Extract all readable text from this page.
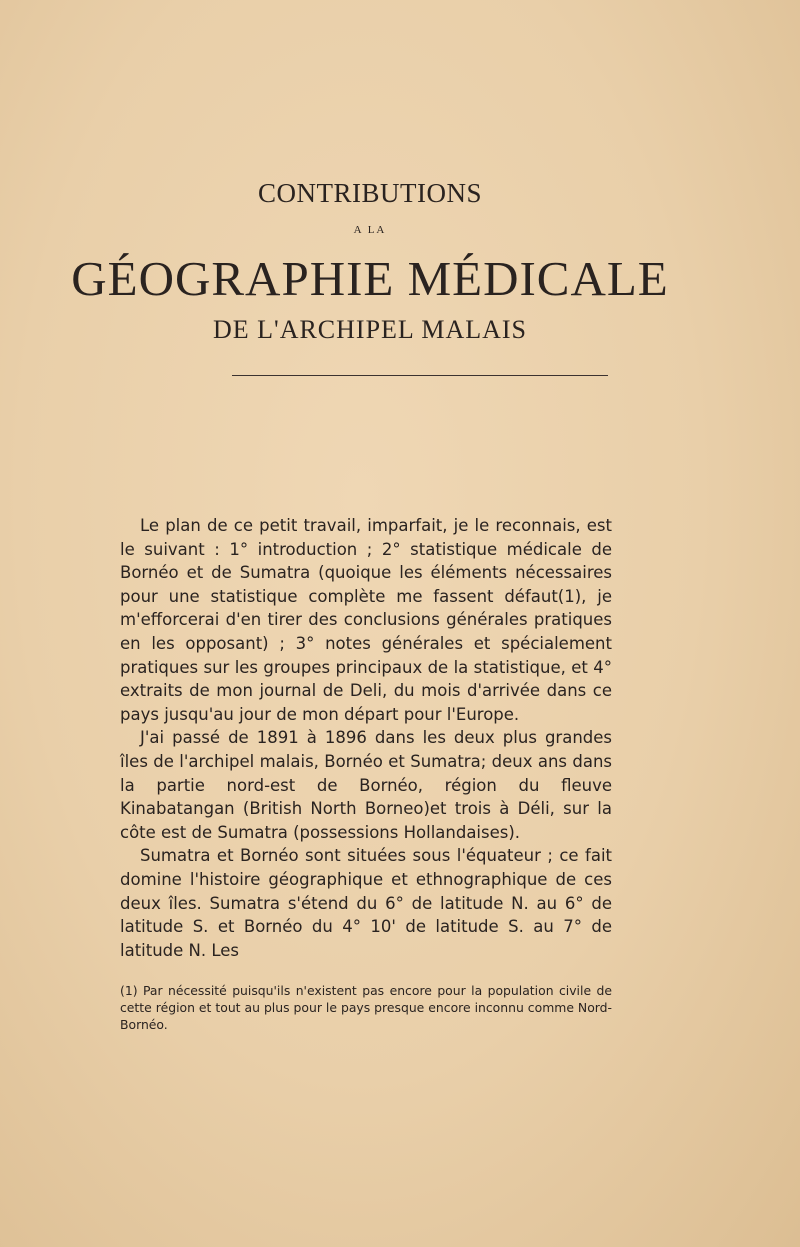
CONTRIBUTIONS
A LA
GÉOGRAPHIE MÉDICALE
DE L'ARCHIPEL MALAIS

Le plan de ce petit travail, imparfait, je le reconnais, est le suivant : 1° introduction ; 2° statistique médicale de Bornéo et de Sumatra (quoique les éléments nécessaires pour une statistique complète me fassent défaut(1), je m'efforcerai d'en tirer des conclusions générales pratiques en les opposant) ; 3° notes générales et spécialement pratiques sur les groupes principaux de la statistique, et 4° extraits de mon journal de Deli, du mois d'arrivée dans ce pays jusqu'au jour de mon départ pour l'Europe.

J'ai passé de 1891 à 1896 dans les deux plus grandes îles de l'archipel malais, Bornéo et Sumatra; deux ans dans la partie nord-est de Bornéo, région du fleuve Kinabatangan (British North Borneo)et trois à Déli, sur la côte est de Sumatra (possessions Hollandaises).

Sumatra et Bornéo sont situées sous l'équateur ; ce fait domine l'histoire géographique et ethnographique de ces deux îles. Sumatra s'étend du 6° de latitude N. au 6° de latitude S. et Bornéo du 4° 10' de latitude S. au 7° de latitude N. Les

(1) Par nécessité puisqu'ils n'existent pas encore pour la population civile de cette région et tout au plus pour le pays presque encore inconnu comme Nord-Bornéo.
